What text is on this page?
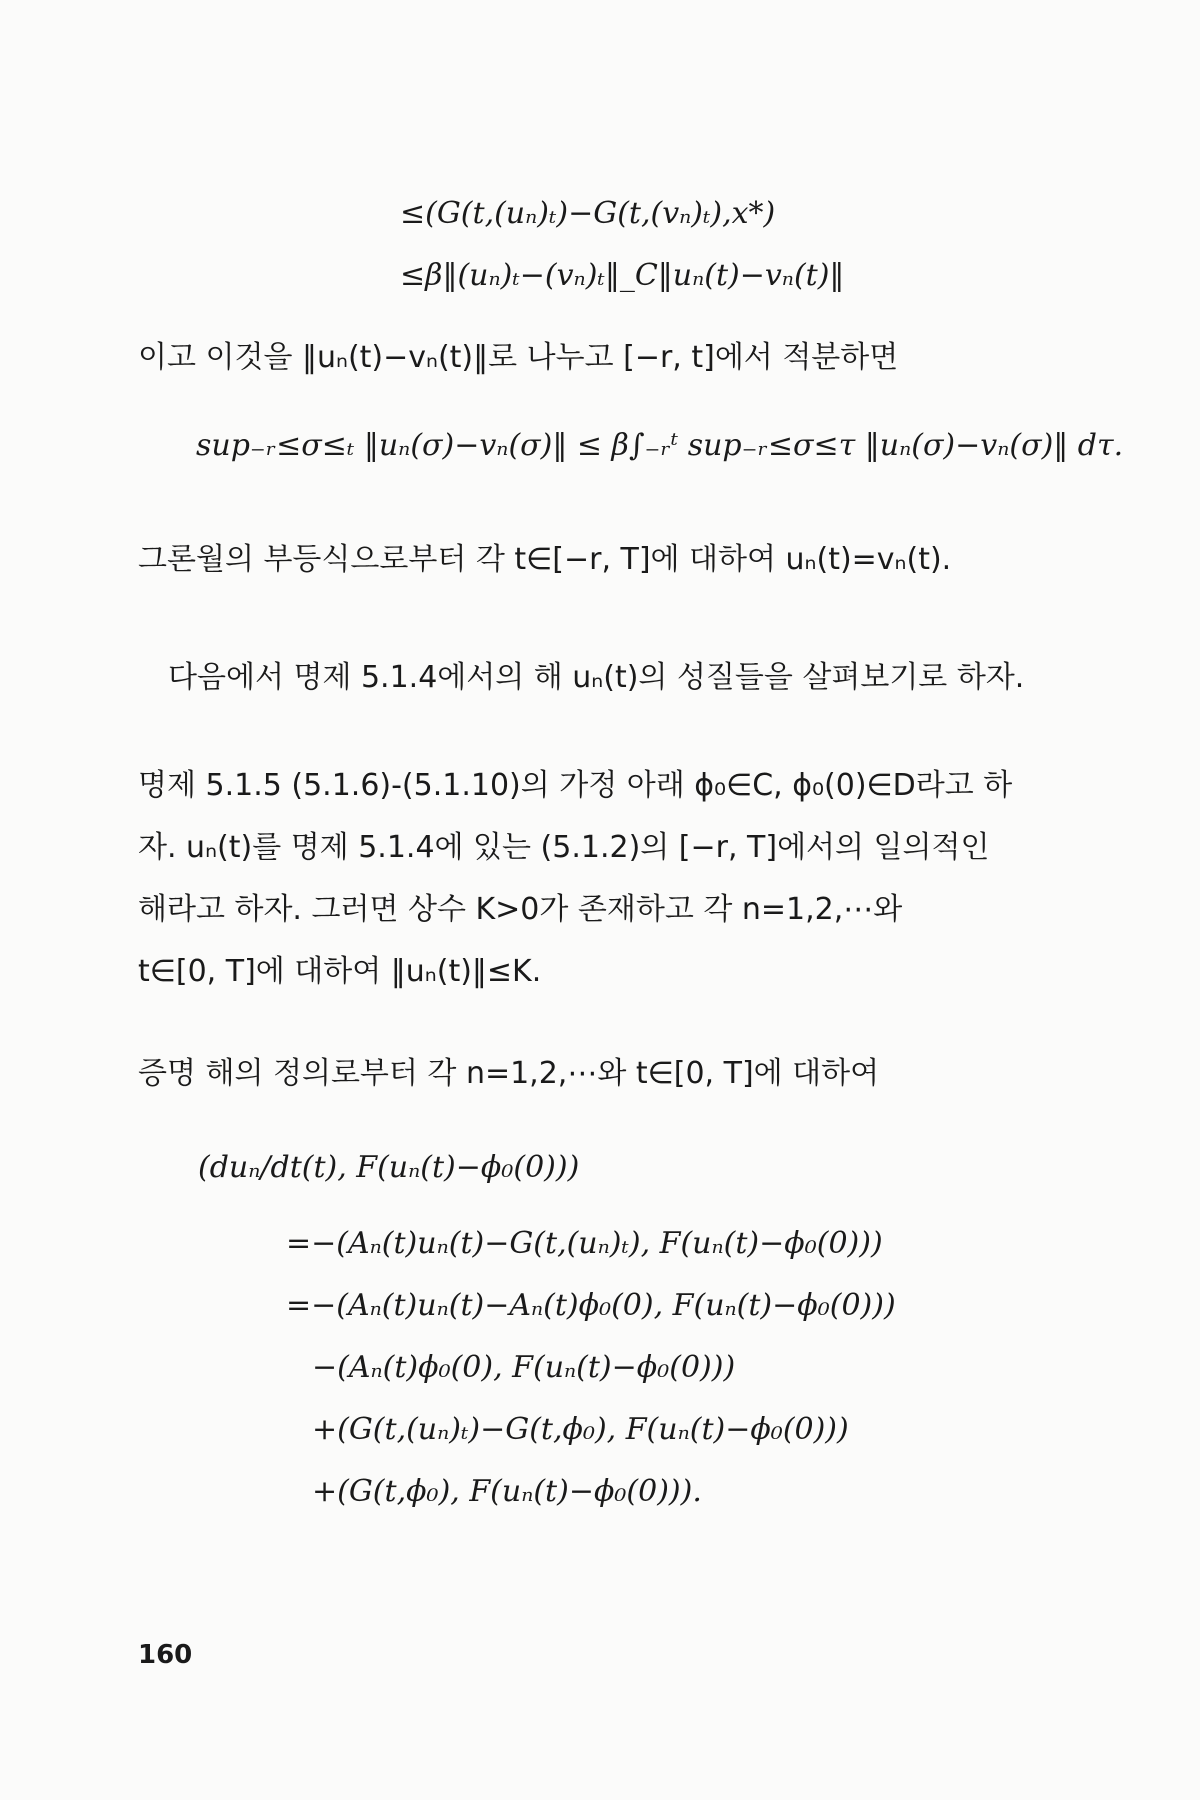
≤(G(t,(uₙ)ₜ)−G(t,(vₙ)ₜ),x*)
≤β‖(uₙ)ₜ−(vₙ)ₜ‖_C‖uₙ(t)−vₙ(t)‖
이고 이것을 ‖uₙ(t)−vₙ(t)‖로 나누고 [−r, t]에서 적분하면
sup₋ᵣ≤σ≤ₜ ‖uₙ(σ)−vₙ(σ)‖ ≤ β∫₋ᵣᵗ sup₋ᵣ≤σ≤τ ‖uₙ(σ)−vₙ(σ)‖ dτ.
그론월의 부등식으로부터 각 t∈[−r, T]에 대하여 uₙ(t)=vₙ(t).
다음에서 명제 5.1.4에서의 해 uₙ(t)의 성질들을 살펴보기로 하자.
명제 5.1.5 (5.1.6)-(5.1.10)의 가정 아래 ϕ₀∈C, ϕ₀(0)∈D라고 하
자. uₙ(t)를 명제 5.1.4에 있는 (5.1.2)의 [−r, T]에서의 일의적인
해라고 하자. 그러면 상수 K>0가 존재하고 각 n=1,2,⋯와
t∈[0, T]에 대하여 ‖uₙ(t)‖≤K.
증명 해의 정의로부터 각 n=1,2,⋯와 t∈[0, T]에 대하여
(duₙ/dt(t), F(uₙ(t)−ϕ₀(0)))
=−(Aₙ(t)uₙ(t)−G(t,(uₙ)ₜ), F(uₙ(t)−ϕ₀(0)))
=−(Aₙ(t)uₙ(t)−Aₙ(t)ϕ₀(0), F(uₙ(t)−ϕ₀(0)))
−(Aₙ(t)ϕ₀(0), F(uₙ(t)−ϕ₀(0)))
+(G(t,(uₙ)ₜ)−G(t,ϕ₀), F(uₙ(t)−ϕ₀(0)))
+(G(t,ϕ₀), F(uₙ(t)−ϕ₀(0))).
160
